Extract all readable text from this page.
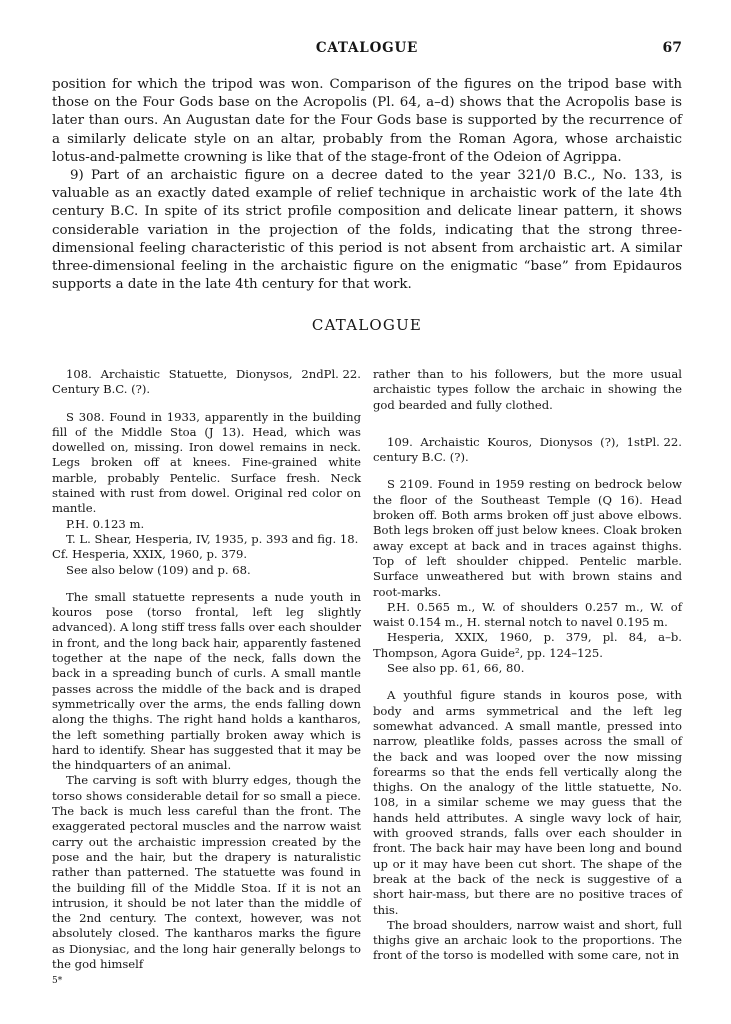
CATALOGUE	67

position for which the tripod was won. Comparison of the figures on the tripod base with those on the Four Gods base on the Acropolis (Pl. 64, a–d) shows that the Acropolis base is later than ours. An Augustan date for the Four Gods base is supported by the recurrence of a similarly delicate style on an altar, probably from the Roman Agora, whose archaistic lotus-and-palmette crowning is like that of the stage-front of the Odeion of Agrippa.

9) Part of an archaistic figure on a decree dated to the year 321/0 B.C., No. 133, is valuable as an exactly dated example of relief technique in archaistic work of the late 4th century B.C. In spite of its strict profile composition and delicate linear pattern, it shows considerable variation in the projection of the folds, indicating that the strong three-dimensional feeling characteristic of this period is not absent from archaistic art. A similar three-dimensional feeling in the archaistic figure on the enigmatic “base” from Epidauros supports a date in the late 4th century for that work.

CATALOGUE
Pl. 22.

108. Archaistic Statuette, Dionysos, 2nd Century B.C. (?).

S 308. Found in 1933, apparently in the building fill of the Middle Stoa (J 13). Head, which was dowelled on, missing. Iron dowel remains in neck. Legs broken off at knees. Fine-grained white marble, probably Pentelic. Surface fresh. Neck stained with rust from dowel. Original red color on mantle.

P.H. 0.123 m.

T. L. Shear, Hesperia, IV, 1935, p. 393 and fig. 18.

Cf. Hesperia, XXIX, 1960, p. 379.

See also below (109) and p. 68.

The small statuette represents a nude youth in kouros pose (torso frontal, left leg slightly advanced). A long stiff tress falls over each shoulder in front, and the long back hair, apparently fastened together at the nape of the neck, falls down the back in a spreading bunch of curls. A small mantle passes across the middle of the back and is draped symmetrically over the arms, the ends falling down along the thighs. The right hand holds a kantharos, the left something partially broken away which is hard to identify. Shear has suggested that it may be the hindquarters of an animal.

The carving is soft with blurry edges, though the torso shows considerable detail for so small a piece. The back is much less careful than the front. The exaggerated pectoral muscles and the narrow waist carry out the archaistic impression created by the pose and the hair, but the drapery is naturalistic rather than patterned. The statuette was found in the building fill of the Middle Stoa. If it is not an intrusion, it should be not later than the middle of the 2nd century. The context, however, was not absolutely closed. The kantharos marks the figure as Dionysiac, and the long hair generally belongs to the god himself

rather than to his followers, but the more usual archaistic types follow the archaic in showing the god bearded and fully clothed.

Pl. 22.

109. Archaistic Kouros, Dionysos (?), 1st century B.C. (?).

S 2109. Found in 1959 resting on bedrock below the floor of the Southeast Temple (Q 16). Head broken off. Both arms broken off just above elbows. Both legs broken off just below knees. Cloak broken away except at back and in traces against thighs. Top of left shoulder chipped. Pentelic marble. Surface unweathered but with brown stains and root-marks.

P.H. 0.565 m., W. of shoulders 0.257 m., W. of waist 0.154 m., H. sternal notch to navel 0.195 m.

Hesperia, XXIX, 1960, p. 379, pl. 84, a–b. Thompson, Agora Guide², pp. 124–125.

See also pp. 61, 66, 80.

A youthful figure stands in kouros pose, with body and arms symmetrical and the left leg somewhat advanced. A small mantle, pressed into narrow, pleatlike folds, passes across the small of the back and was looped over the now missing forearms so that the ends fell vertically along the thighs. On the analogy of the little statuette, No. 108, in a similar scheme we may guess that the hands held attributes. A single wavy lock of hair, with grooved strands, falls over each shoulder in front. The back hair may have been long and bound up or it may have been cut short. The shape of the break at the back of the neck is suggestive of a short hair-mass, but there are no positive traces of this.

The broad shoulders, narrow waist and short, full thighs give an archaic look to the proportions. The front of the torso is modelled with some care, not in

5*
